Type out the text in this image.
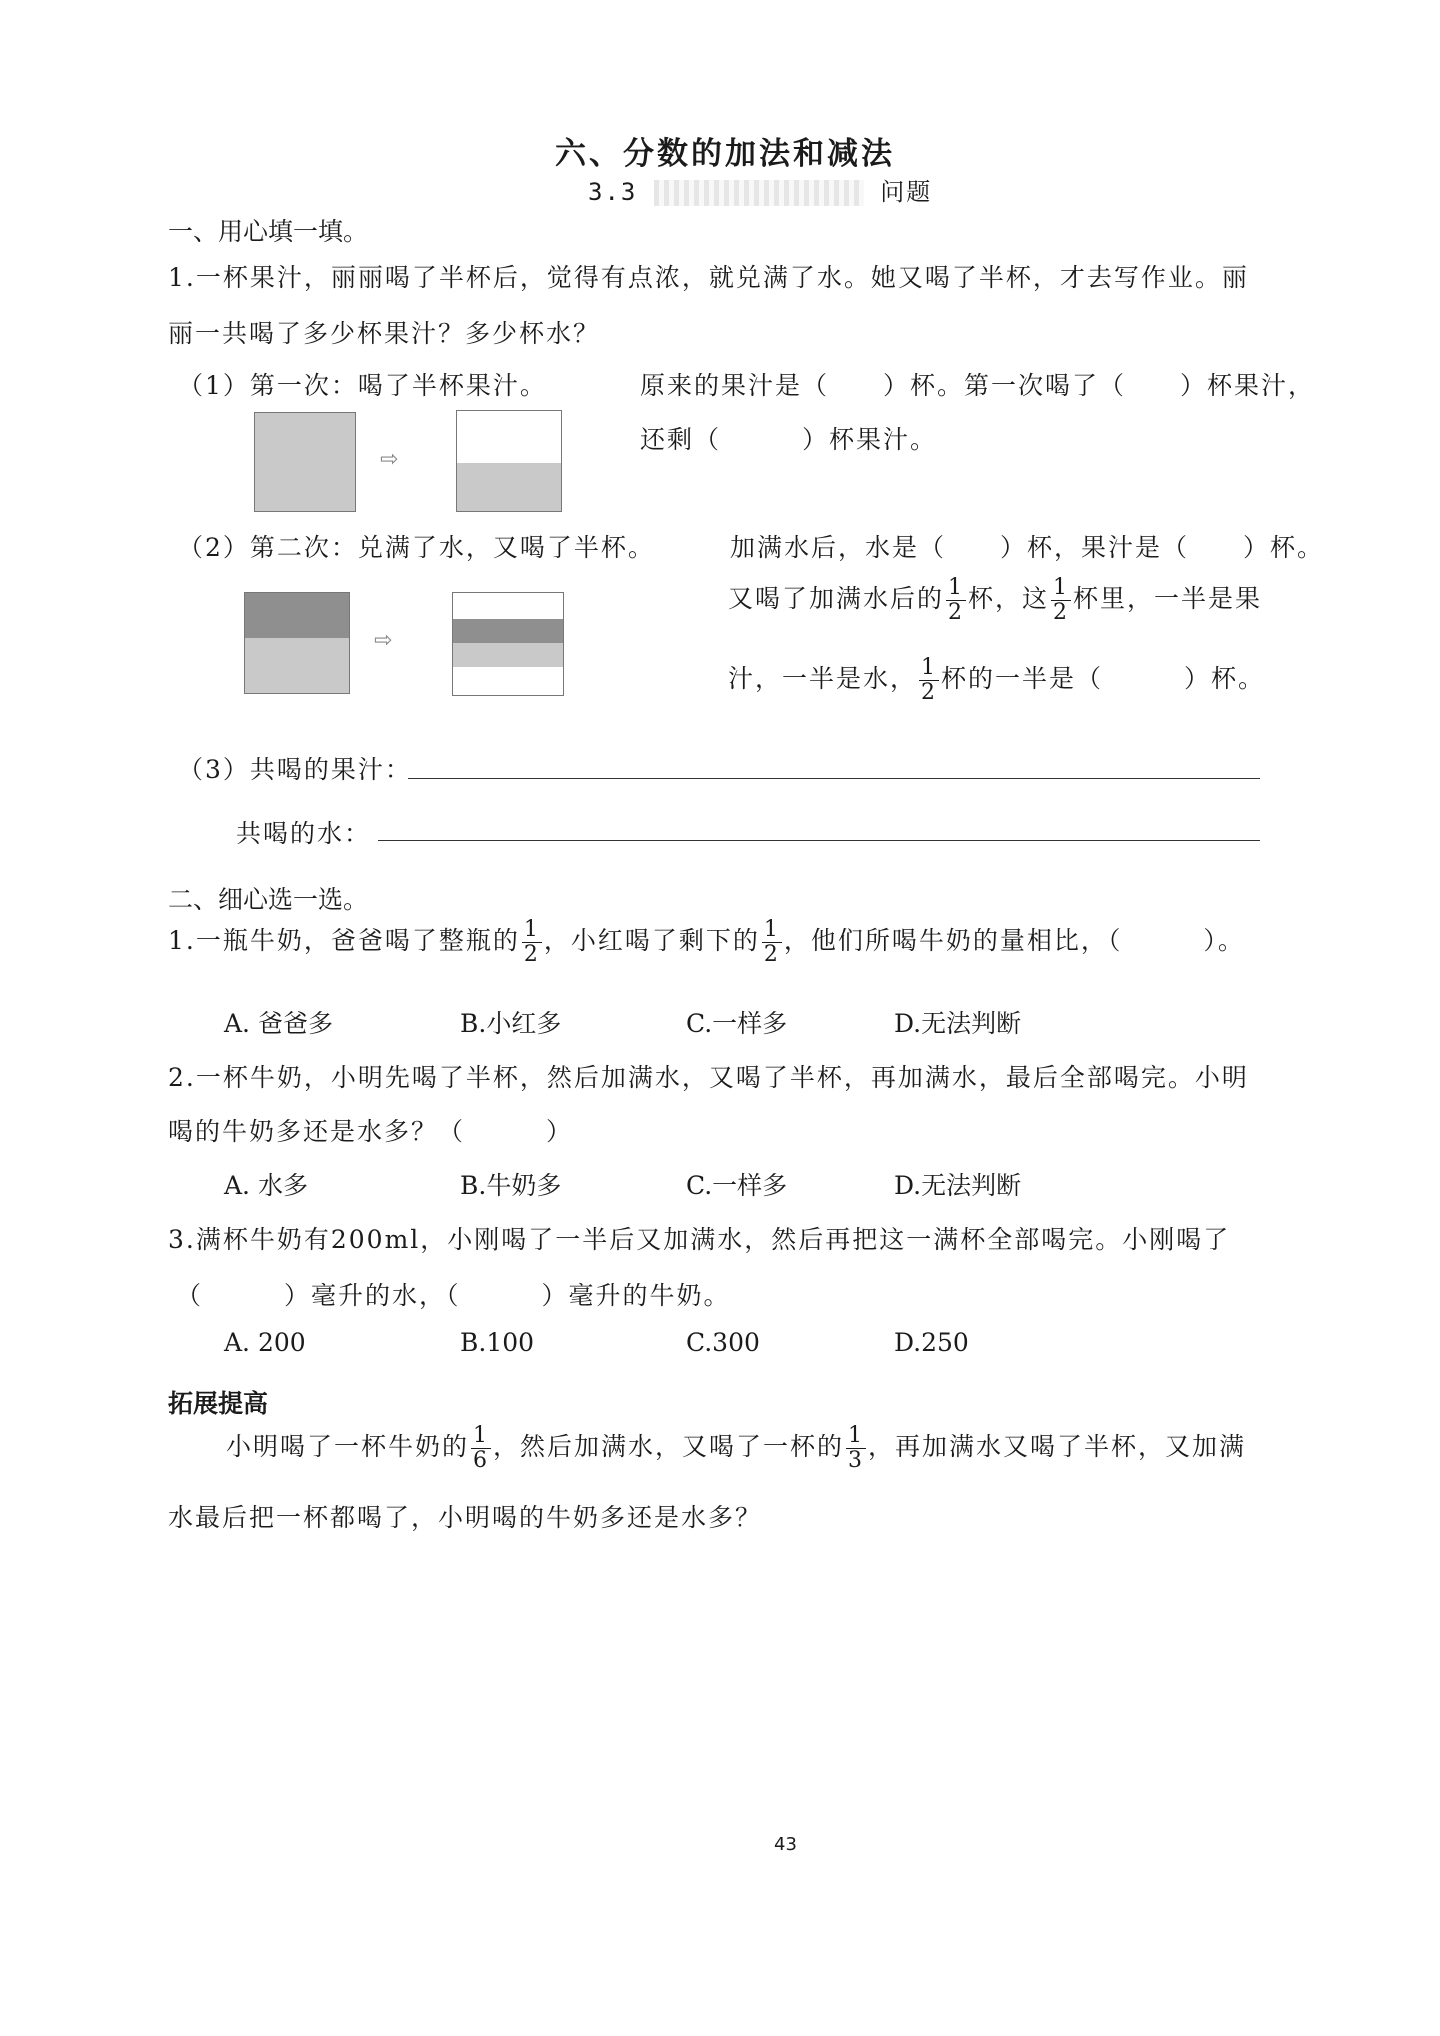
六、分数的加法和减法
3.3	问题
一、用心填一填。
1.一杯果汁，丽丽喝了半杯后，觉得有点浓，就兑满了水。她又喝了半杯，才去写作业。丽
丽一共喝了多少杯果汁？多少杯水？
（1）第一次：喝了半杯果汁。	原来的果汁是（　　）杯。第一次喝了（　　）杯果汁，
还剩（　　　）杯果汁。
⇨
（2）第二次：兑满了水，又喝了半杯。	加满水后，水是（　　）杯，果汁是（　　）杯。
又喝了加满水后的 $\frac{1}{2}$ 杯，这 $\frac{1}{2}$ 杯里，一半是果
汁，一半是水， $\frac{1}{2}$ 杯的一半是（　　　）杯。
⇨
（3）共喝的果汁：
共喝的水：
二、细心选一选。
1.一瓶牛奶，爸爸喝了整瓶的 $\frac{1}{2}$ ，小红喝了剩下的 $\frac{1}{2}$ ，他们所喝牛奶的量相比，（　　　）。
A. 爸爸多	B.小红多	C.一样多	D.无法判断
2.一杯牛奶，小明先喝了半杯，然后加满水，又喝了半杯，再加满水，最后全部喝完。小明
喝的牛奶多还是水多？（　　　）
A. 水多	B.牛奶多	C.一样多	D.无法判断
3.满杯牛奶有200ml，小刚喝了一半后又加满水，然后再把这一满杯全部喝完。小刚喝了
（　　　）毫升的水，（　　　）毫升的牛奶。
A. 200	B.100	C.300	D.250
拓展提高
小明喝了一杯牛奶的 $\frac{1}{6}$ ，然后加满水，又喝了一杯的 $\frac{1}{3}$ ，再加满水又喝了半杯，又加满
水最后把一杯都喝了，小明喝的牛奶多还是水多？
43
